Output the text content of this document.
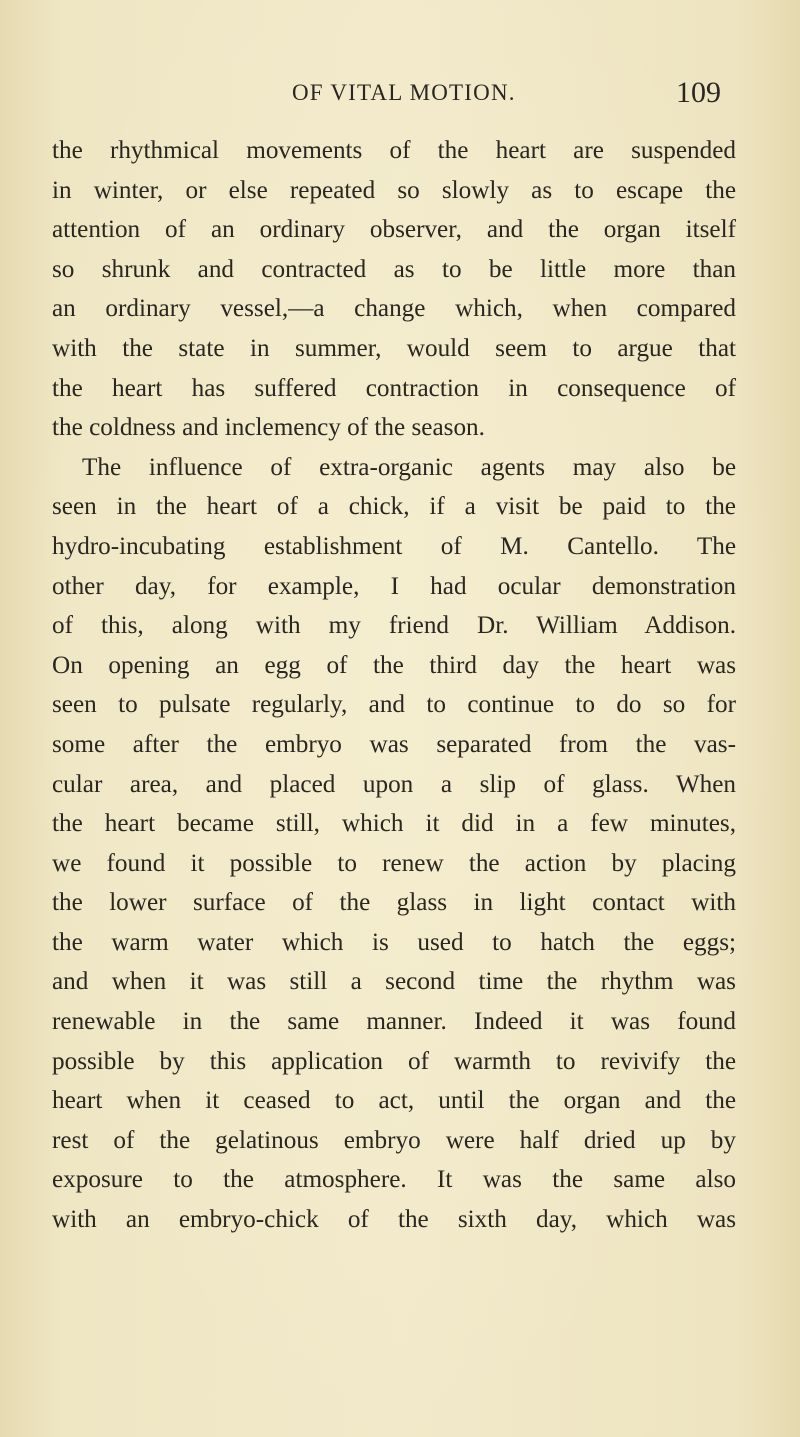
OF VITAL MOTION.	109
the rhythmical movements of the heart are suspended
in winter, or else repeated so slowly as to escape the
attention of an ordinary observer, and the organ itself
so shrunk and contracted as to be little more than
an ordinary vessel,—a change which, when compared
with the state in summer, would seem to argue that
the heart has suffered contraction in consequence of
the coldness and inclemency of the season.
The influence of extra-organic agents may also be
seen in the heart of a chick, if a visit be paid to the
hydro-incubating establishment of M. Cantello. The
other day, for example, I had ocular demonstration
of this, along with my friend Dr. William Addison.
On opening an egg of the third day the heart was
seen to pulsate regularly, and to continue to do so for
some after the embryo was separated from the vas-
cular area, and placed upon a slip of glass. When
the heart became still, which it did in a few minutes,
we found it possible to renew the action by placing
the lower surface of the glass in light contact with
the warm water which is used to hatch the eggs;
and when it was still a second time the rhythm was
renewable in the same manner. Indeed it was found
possible by this application of warmth to revivify the
heart when it ceased to act, until the organ and the
rest of the gelatinous embryo were half dried up by
exposure to the atmosphere. It was the same also
with an embryo-chick of the sixth day, which was
